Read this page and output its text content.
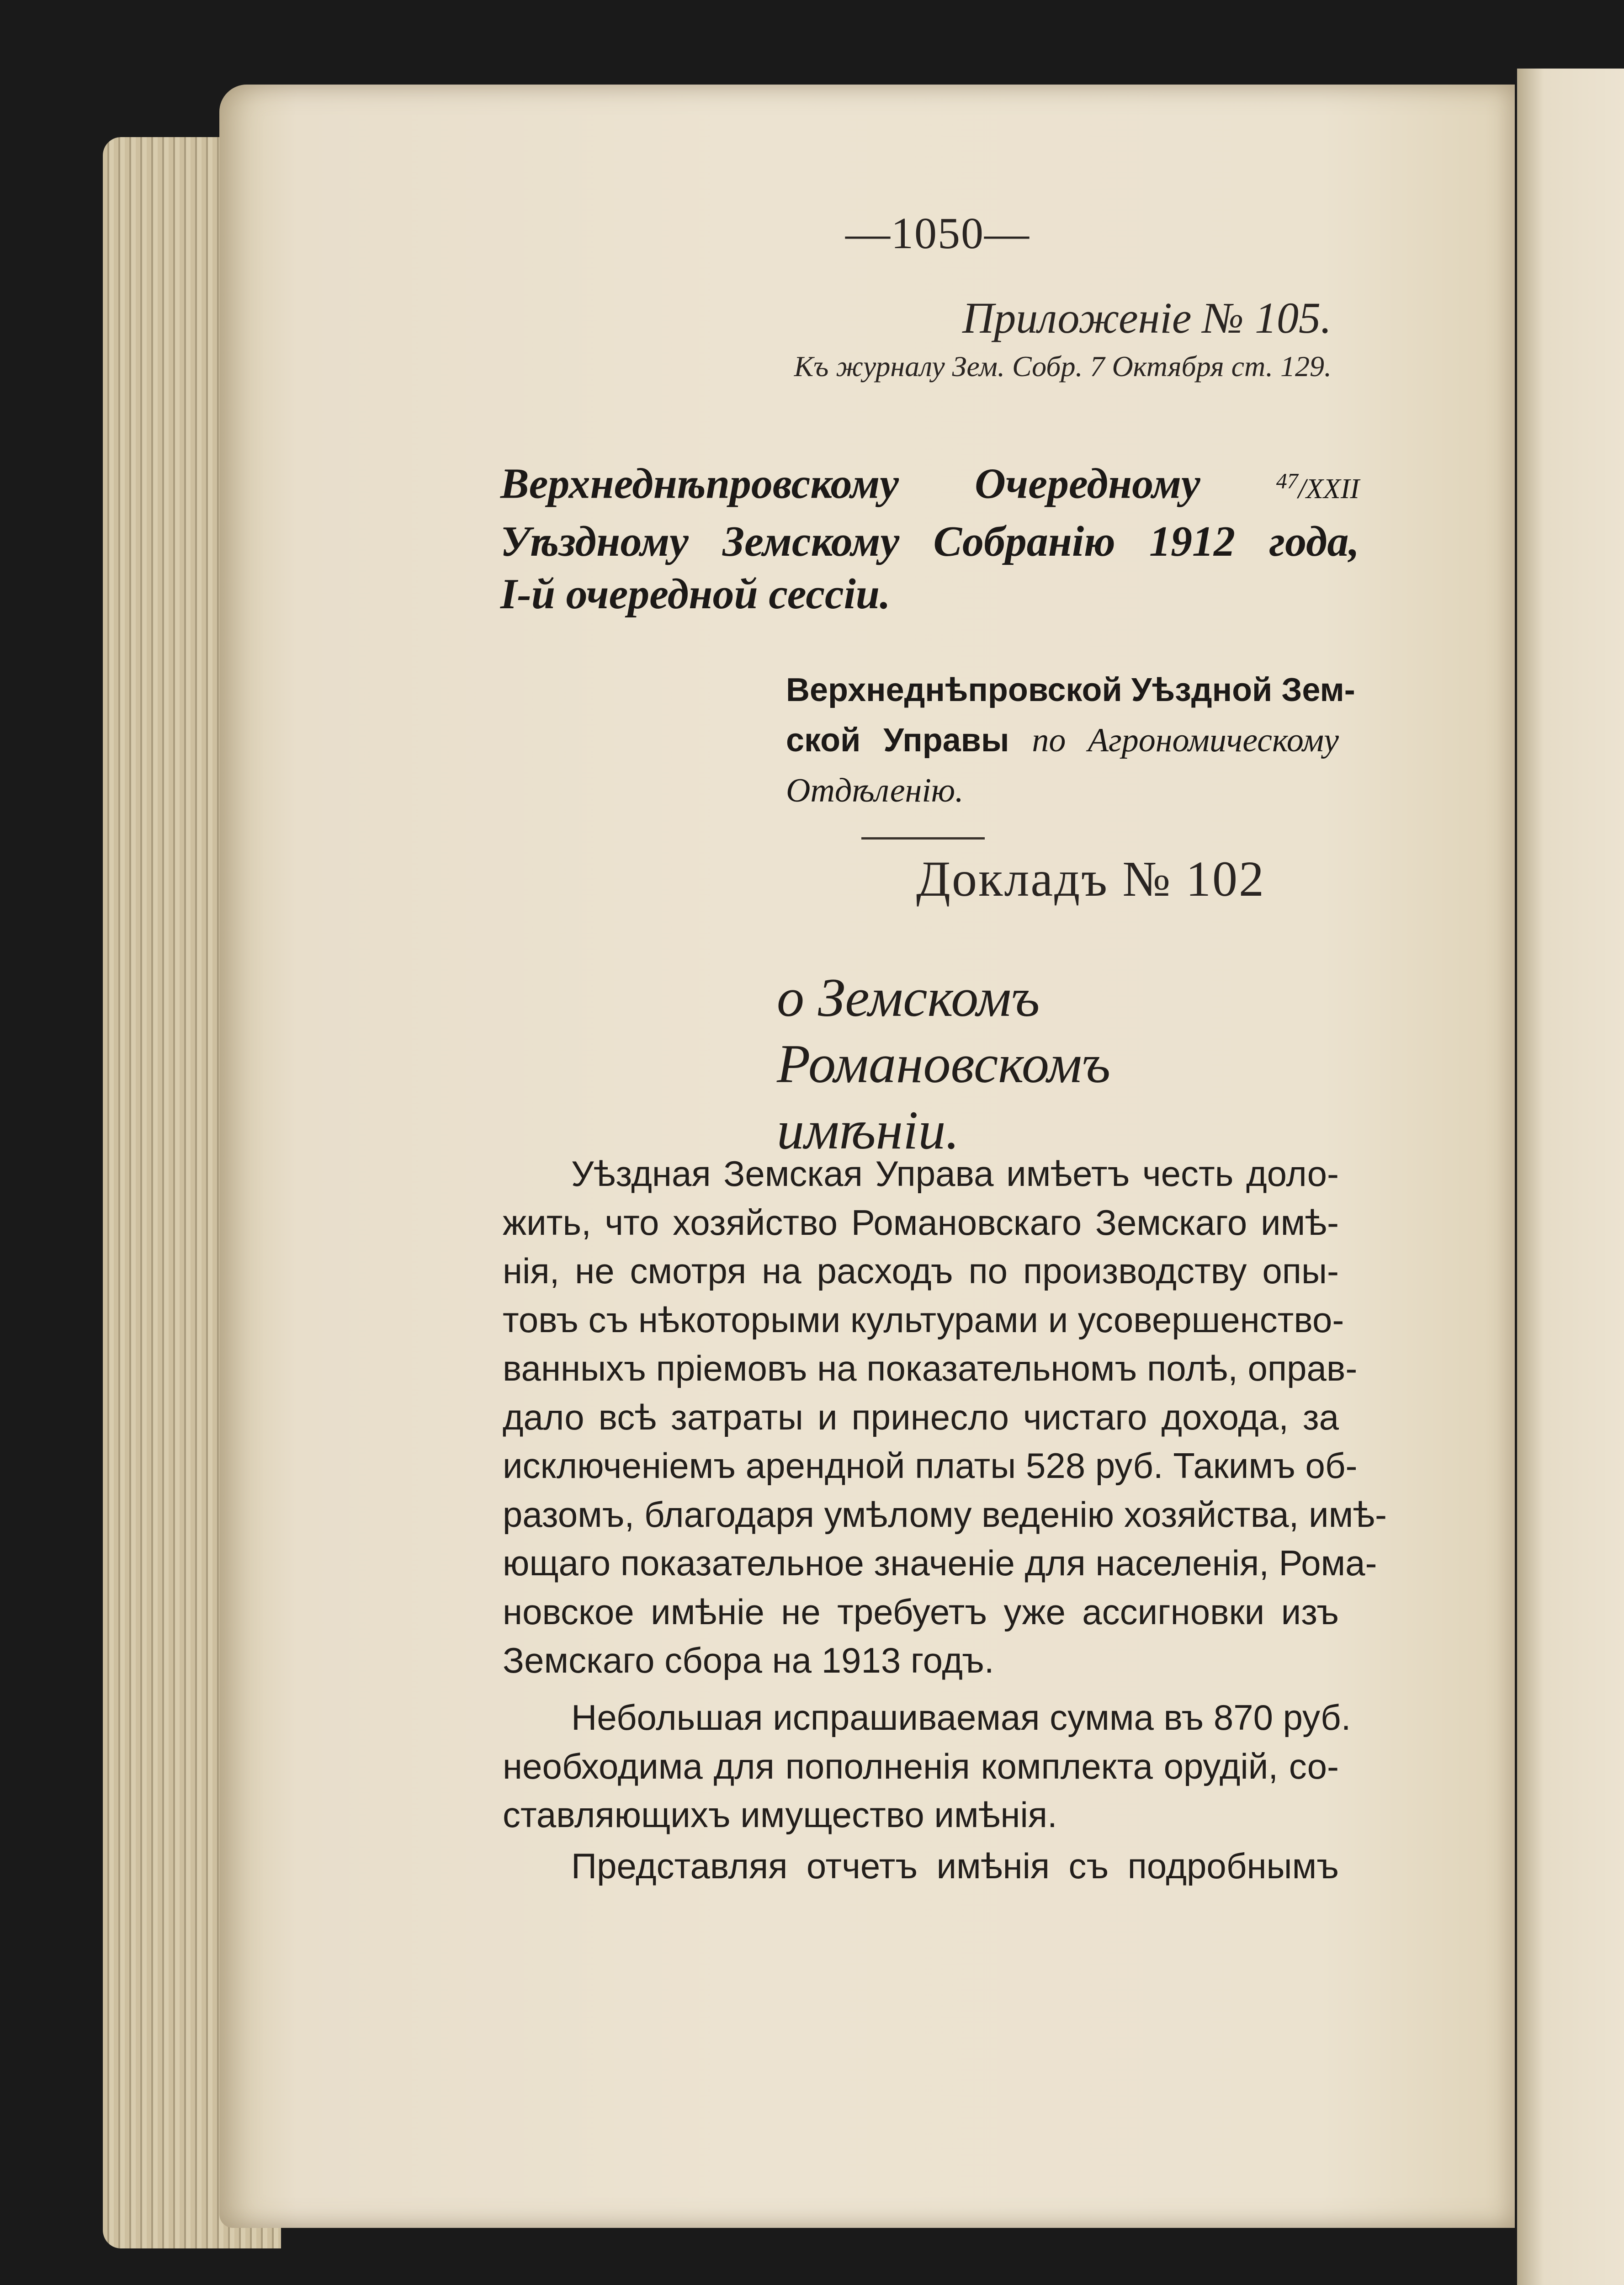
—1050—
Приложенiе № 105.
Къ журналу Зем. Собр. 7 Октября ст. 129.
Верхнеднѣпровскому Очередному	$^{47}$/XXII
Уѣздному Земскому Собранiю 1912 года,
І-й очередной сессiи.
Верхнеднѣпровской Уѣздной Зем-
ской Управы по Агрономическому
Отдѣленiю.
Докладъ № 102
о Земскомъ Романовскомъ
имѣнiи.
Уѣздная Земская Управа имѣетъ честь доло-
жить, что хозяйство Романовскаго Земскаго имѣ-
нiя, не смотря на расходъ по производству опы-
товъ съ нѣкоторыми культурами и усовершенство-
ванныхъ прiемовъ на показательномъ полѣ, оправ-
дало всѣ затраты и принесло чистаго дохода, за
исключенiемъ арендной платы 528 руб. Такимъ об-
разомъ, благодаря умѣлому веденiю хозяйства, имѣ-
ющаго показательное значенiе для населенiя, Рома-
новское имѣнiе не требуетъ уже ассигновки изъ
Земскаго сбора на 1913 годъ.
Небольшая испрашиваемая сумма въ 870 руб.
необходима для пополненiя комплекта орудiй, со-
ставляющихъ имущество имѣнiя.
Представляя отчетъ имѣнiя съ подробнымъ
